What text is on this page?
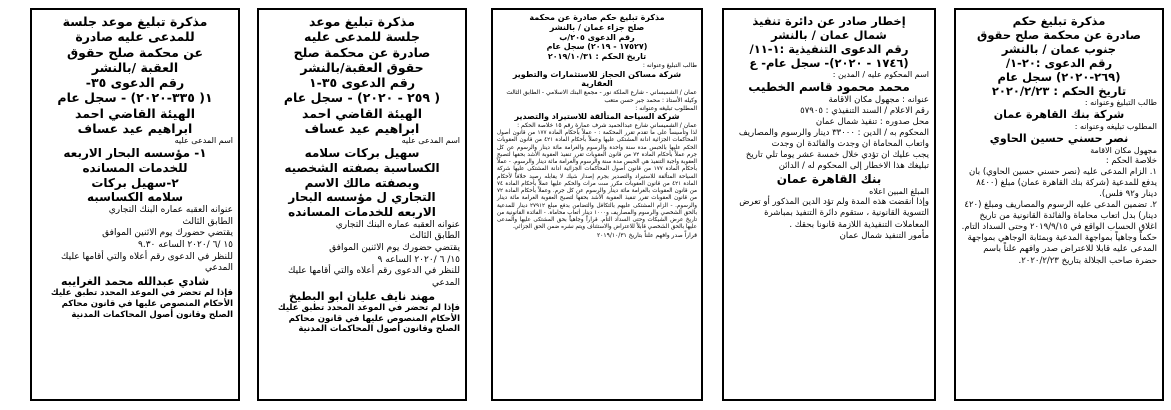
مذكرة تبليغ موعد جلسة

للمدعى عليه صادرة

عن محكمة صلح حقوق

العقبة /بالنشر

رقم الدعوى ٣٥-

١( ٣٣٥-٢٠٢٠) - سجل عام

الهيئة القاضي احمد

ابراهيم عيد عساف

اسم المدعى عليه

١- مؤسسه البحار الاربعه

للخدمات المسانده

٢-سهيل بركات

سلامه الكساسبه

عنوانه العقبه عماره البنك التجاري

الطابق الثالث

يقتضي حضورك يوم الاثنين الموافق

١٥ /٦ /٢٠٢٠ الساعه ٩.٣٠

للنظر في الدعوى رقم أعلاه والتي أقامها عليك المدعي

شادي عبدالله محمد الغرايبه

فإذا لم تحضر في الموعد المحدد تطبق عليك الأحكام المنصوص عليها في قانون محاكم الصلح وقانون أصول المحاكمات المدنية

مذكرة تبليغ موعد

جلسة للمدعى عليه

صادرة عن محكمة صلح

حقوق العقبة/بالنشر

رقم الدعوى ٣٥-١

( ٢٥٩ - ٢٠٢٠) - سجل عام

الهيئة القاضي احمد

ابراهيم عيد عساف

اسم المدعى عليه

سهيل بركات سلامه

الكساسبة بصفته الشخصيه

وبصفته مالك الاسم

التجاري ل مؤسسه البحار

الاربعه للخدمات المسانده

عنوانه العقبه عماره البنك التجاري

الطابق الثالث

يقتضي حضورك يوم الاثنين الموافق

١٥/ ٦ /٢٠٢٠ الساعه ٩

للنظر في الدعوى رقم أعلاه والتي أقامها عليك المدعي

مهند نايف عليان ابو البطيخ

فإذا لم تحضر في الموعد المحدد تطبق عليك الأحكام المنصوص عليها في قانون محاكم الصلح وقانون أصول المحاكمات المدنية

مذكرة تبليغ حكم صادرة عن محكمة

صلح جزاء عمان / بالنشر

رقم الدعوى ٢٠٥/ب

(١٧٥٢٧ - ٢٠١٩) سجل عام

تاريخ الحكم : ٢٠١٩/١٠/٣١

طالب التبليغ وعنوانه :

شركة مساكن الحجاز للاستثمارات والتطوير العقارية

عمان / الشميساني - شارع الملكة نور - مجمع البنك الاسلامي - الطابق الثالث

وكيله الأستاذ : محمد جبر حسن متعب

المطلوب تبليغه وعنوانه :

شركة السياحة المتألقة للاستيراد والتصدير

عمان / الشميساني شارع عبدالحميد شرف عمارة رقم ١٥ خلاصة الحكم :

لذا وتأسيساً على ما تقدم تقرر المحكمة : - عملاً بأحكام المادة ١٧٧ من قانون أصول المحاكمات الجزائية ادانة المشتكى عليها وعملاً بأحكام المادة ٤٢١ من قانون العقوبات الحكم عليها بالحبس مدة سنة واحدة والرسوم والغرامة مائة دينار والرسوم عن كل جرم عملاً بأحكام المادة ٧٢ من قانون العقوبات تقرر تنفيذ العقوبة الأشد بحقها لتصبح العقوبة واجبة التنفيذ هي الحبس مدة سنة والرسوم والغرامة مائة دينار والرسوم. - عملاً بأحكام المادة ١٧٧ من قانون أصول المحاكمات الجزائية ادانة المشتكى عليها شركة السياحة المتألقة للاستيراد والتصدير بجرم إصدار شيك لا يقابله رصيد خلافاً لأحكام المادة ٤٢١ من قانون العقوبات مكرر ست مرات والحكم عليها عملاً بأحكام المادة ٧٤ من قانون العقوبات بالغرامة مائة دينار والرسوم عن كل جرم. وعملاً بأحكام المادة ٧٢ من قانون العقوبات تقرر تنفيذ العقوبة الأشد بحقها لتصبح العقوبة الغرامة مائة دينار والرسوم. - الزام المشتكى عليهم بالتكافل والتضامن بدفع مبلغ ٢٧٩١٢ دينار للمدعية بالحق الشخصي والرسوم والمصاريف و١٠٠٠ دينار أتعاب محاماة. - الفائدة القانونية من تاريخ عرض الشيكات وحتى السداد التام. قراراً وجاهياً بحق المشتكى عليها والمدعى عليها بالحق الشخصي قابلاً للاعتراض والاستئناف ويتم نشره ضمن الحق الجزائي.

قراراً صدر وافهم علناً بتاريخ ٢٠١٩/١٠/٣١

إخطار صادر عن دائرة تنفيذ

شمال عمان / بالنشر

رقم الدعوى التنفيذية :١-١١/

(١٧٤٦ - ٢٠٢٠)- سجل عام- ع

اسم المحكوم عليه / المدين :

محمد محمود قاسم الخطيب

عنوانه : مجهول مكان الاقامة

رقم الاعلام / السند التنفيذي : ٥٧٩٠٥

محل صدوره : تنفيذ شمال عمان

المحكوم به / الدين : ٣٣٠٠٠ دينار والرسوم والمصاريف واتعاب المحاماة ان وجدت والفائدة ان وجدت

يجب عليك ان تؤدي خلال خمسة عشر يوما تلي تاريخ تبليغك هذا الاخطار إلى المحكوم له / الدائن

بنك القاهرة عمان

المبلغ المبين اعلاه

وإذا انقضت هذه المدة ولم تؤد الدين المذكور أو تعرض التسوية القانونية ، ستقوم دائرة التنفيذ بمباشرة المعاملات التنفيذية اللازمة قانونا بحقك .

مأمور التنفيذ شمال عمان

مذكرة تبليغ حكم

صادرة عن محكمة صلح حقوق

جنوب عمان / بالنشر

رقم الدعوى :٢٠-١/

(٢٦٩-٢٠٢٠) سجل عام

تاريخ الحكم : ٢٠٢٠/٢/٢٣

طالب التبليغ وعنوانه :

شركة بنك القاهرة عمان

المطلوب تبليغه وعنوانه :

نصر حسني حسين الحاوي

مجهول مكان الاقامة

خلاصة الحكم :

١. الزام المدعى عليه (نصر حسني حسين الحاوي) بان يدفع للمدعية (شركة بنك القاهرة عمان) مبلغ (٨٤٠٠ دينار و٩٢ فلس).

٢. تضمين المدعى عليه الرسوم والمصاريف ومبلغ (٤٢٠ دينار) بدل اتعاب محاماة والفائدة القانونية من تاريخ اغلاق الحساب الواقع في ٢٠١٩/٩/١٥ وحتى السداد التام.

حكماً وجاهياً بمواجهة المدعية وبمثابة الوجاهي بمواجهة المدعى عليه قابلا للاعتراض صدر وافهم علناً باسم حضرة صاحب الجلالة بتاريخ ٢٠٢٠/٢/٢٣.
